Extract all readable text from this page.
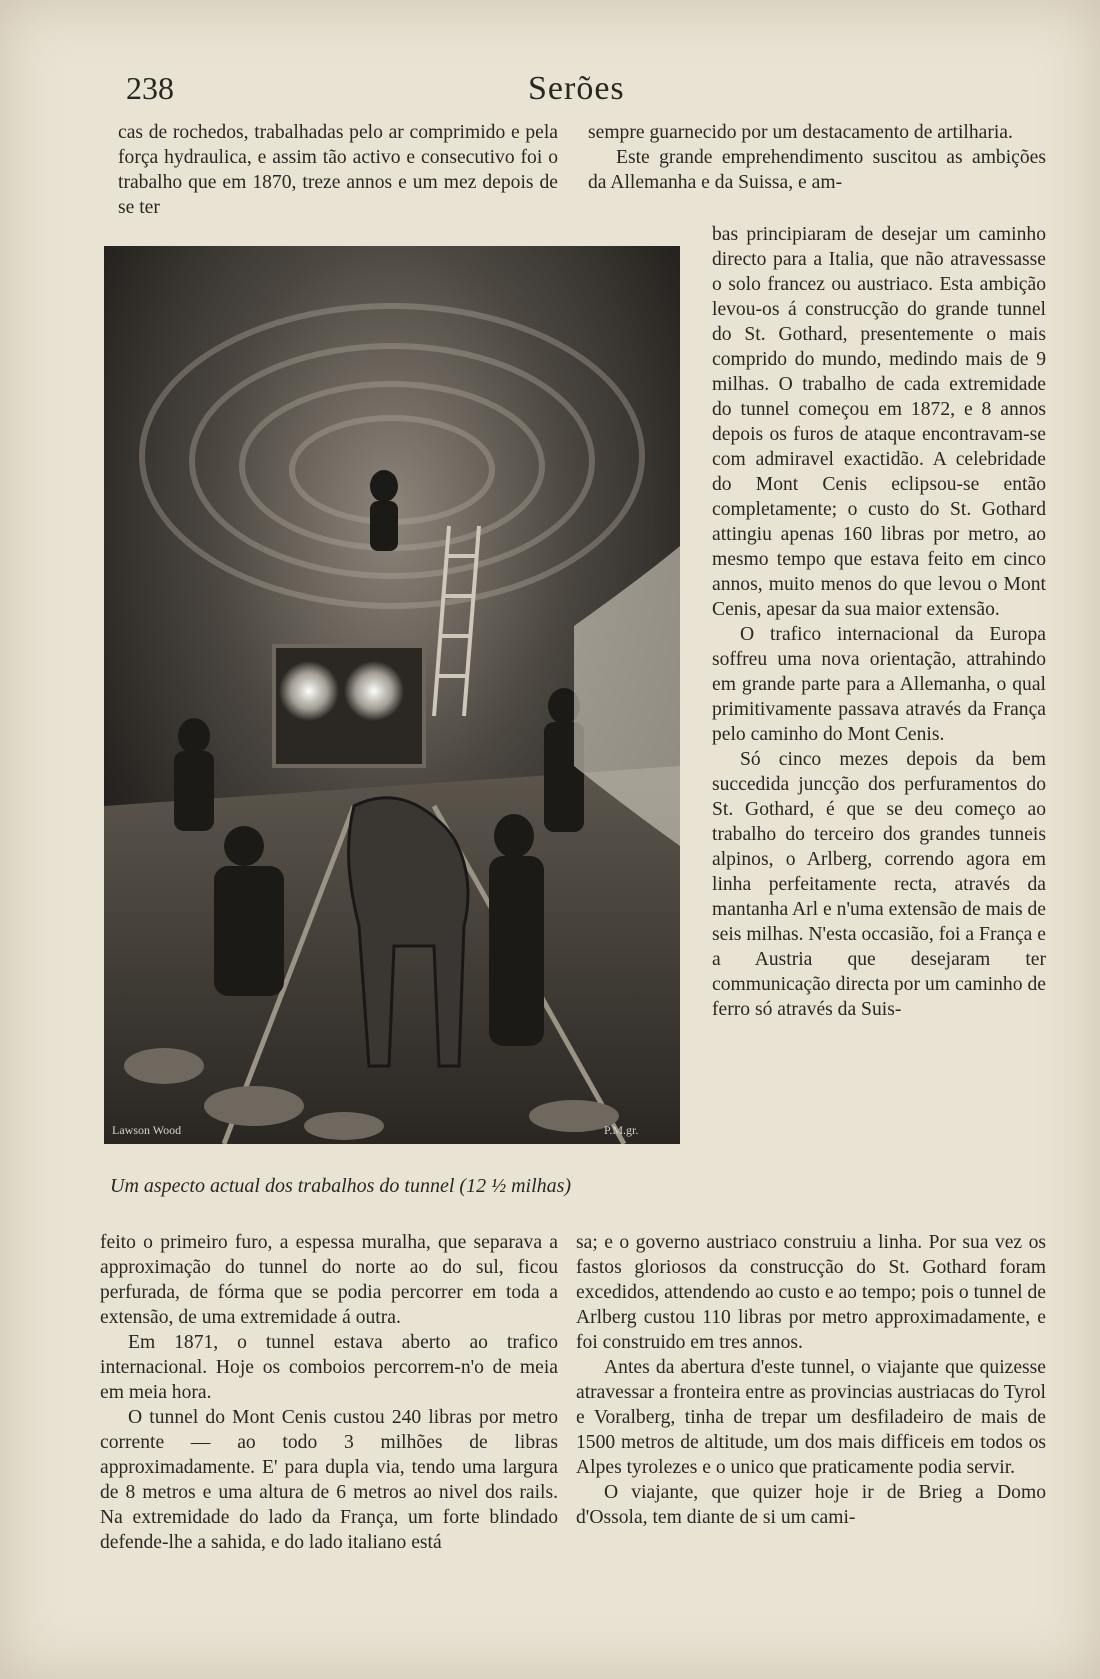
238	Serões

cas de rochedos, trabalhadas pelo ar comprimido e pela força hydraulica, e assim tão activo e consecutivo foi o trabalho que em 1870, treze annos e um mez depois de se ter

sempre guarnecido por um destacamento de artilharia.

Este grande emprehendimento suscitou as ambições da Allemanha e da Suissa, e am-

bas principiaram de desejar um caminho directo para a Italia, que não atravessasse o solo francez ou austriaco. Esta ambição levou-os á construcção do grande tunnel do St. Gothard, presentemente o mais comprido do mundo, medindo mais de 9 milhas. O trabalho de cada extremidade do tunnel começou em 1872, e 8 annos depois os furos de ataque encontravam-se com admiravel exactidão. A celebridade do Mont Cenis eclipsou-se então completamente; o custo do St. Gothard attingiu apenas 160 libras por metro, ao mesmo tempo que estava feito em cinco annos, muito menos do que levou o Mont Cenis, apesar da sua maior extensão.

O trafico internacional da Europa soffreu uma nova orientação, attrahindo em grande parte para a Allemanha, o qual primitivamente passava através da França pelo caminho do Mont Cenis.

Só cinco mezes depois da bem succedida juncção dos perfuramentos do St. Gothard, é que se deu começo ao trabalho do terceiro dos grandes tunneis alpinos, o Arlberg, correndo agora em linha perfeitamente recta, através da mantanha Arl e n'uma extensão de mais de seis milhas. N'esta occasião, foi a França e a Austria que desejaram ter communicação directa por um caminho de ferro só através da Suis-

Lawson Wood	P.M.gr.
Um aspecto actual dos trabalhos do tunnel (12 ½ milhas)

feito o primeiro furo, a espessa muralha, que separava a approximação do tunnel do norte ao do sul, ficou perfurada, de fórma que se podia percorrer em toda a extensão, de uma extremidade á outra.

Em 1871, o tunnel estava aberto ao trafico internacional. Hoje os comboios percorrem-n'o de meia em meia hora.

O tunnel do Mont Cenis custou 240 libras por metro corrente — ao todo 3 milhões de libras approximadamente. E' para dupla via, tendo uma largura de 8 metros e uma altura de 6 metros ao nivel dos rails. Na extremidade do lado da França, um forte blindado defende-lhe a sahida, e do lado italiano está

sa; e o governo austriaco construiu a linha. Por sua vez os fastos gloriosos da construcção do St. Gothard foram excedidos, attendendo ao custo e ao tempo; pois o tunnel de Arlberg custou 110 libras por metro approximadamente, e foi construido em tres annos.

Antes da abertura d'este tunnel, o viajante que quizesse atravessar a fronteira entre as provincias austriacas do Tyrol e Voralberg, tinha de trepar um desfiladeiro de mais de 1500 metros de altitude, um dos mais difficeis em todos os Alpes tyrolezes e o unico que praticamente podia servir.

O viajante, que quizer hoje ir de Brieg a Domo d'Ossola, tem diante de si um cami-
